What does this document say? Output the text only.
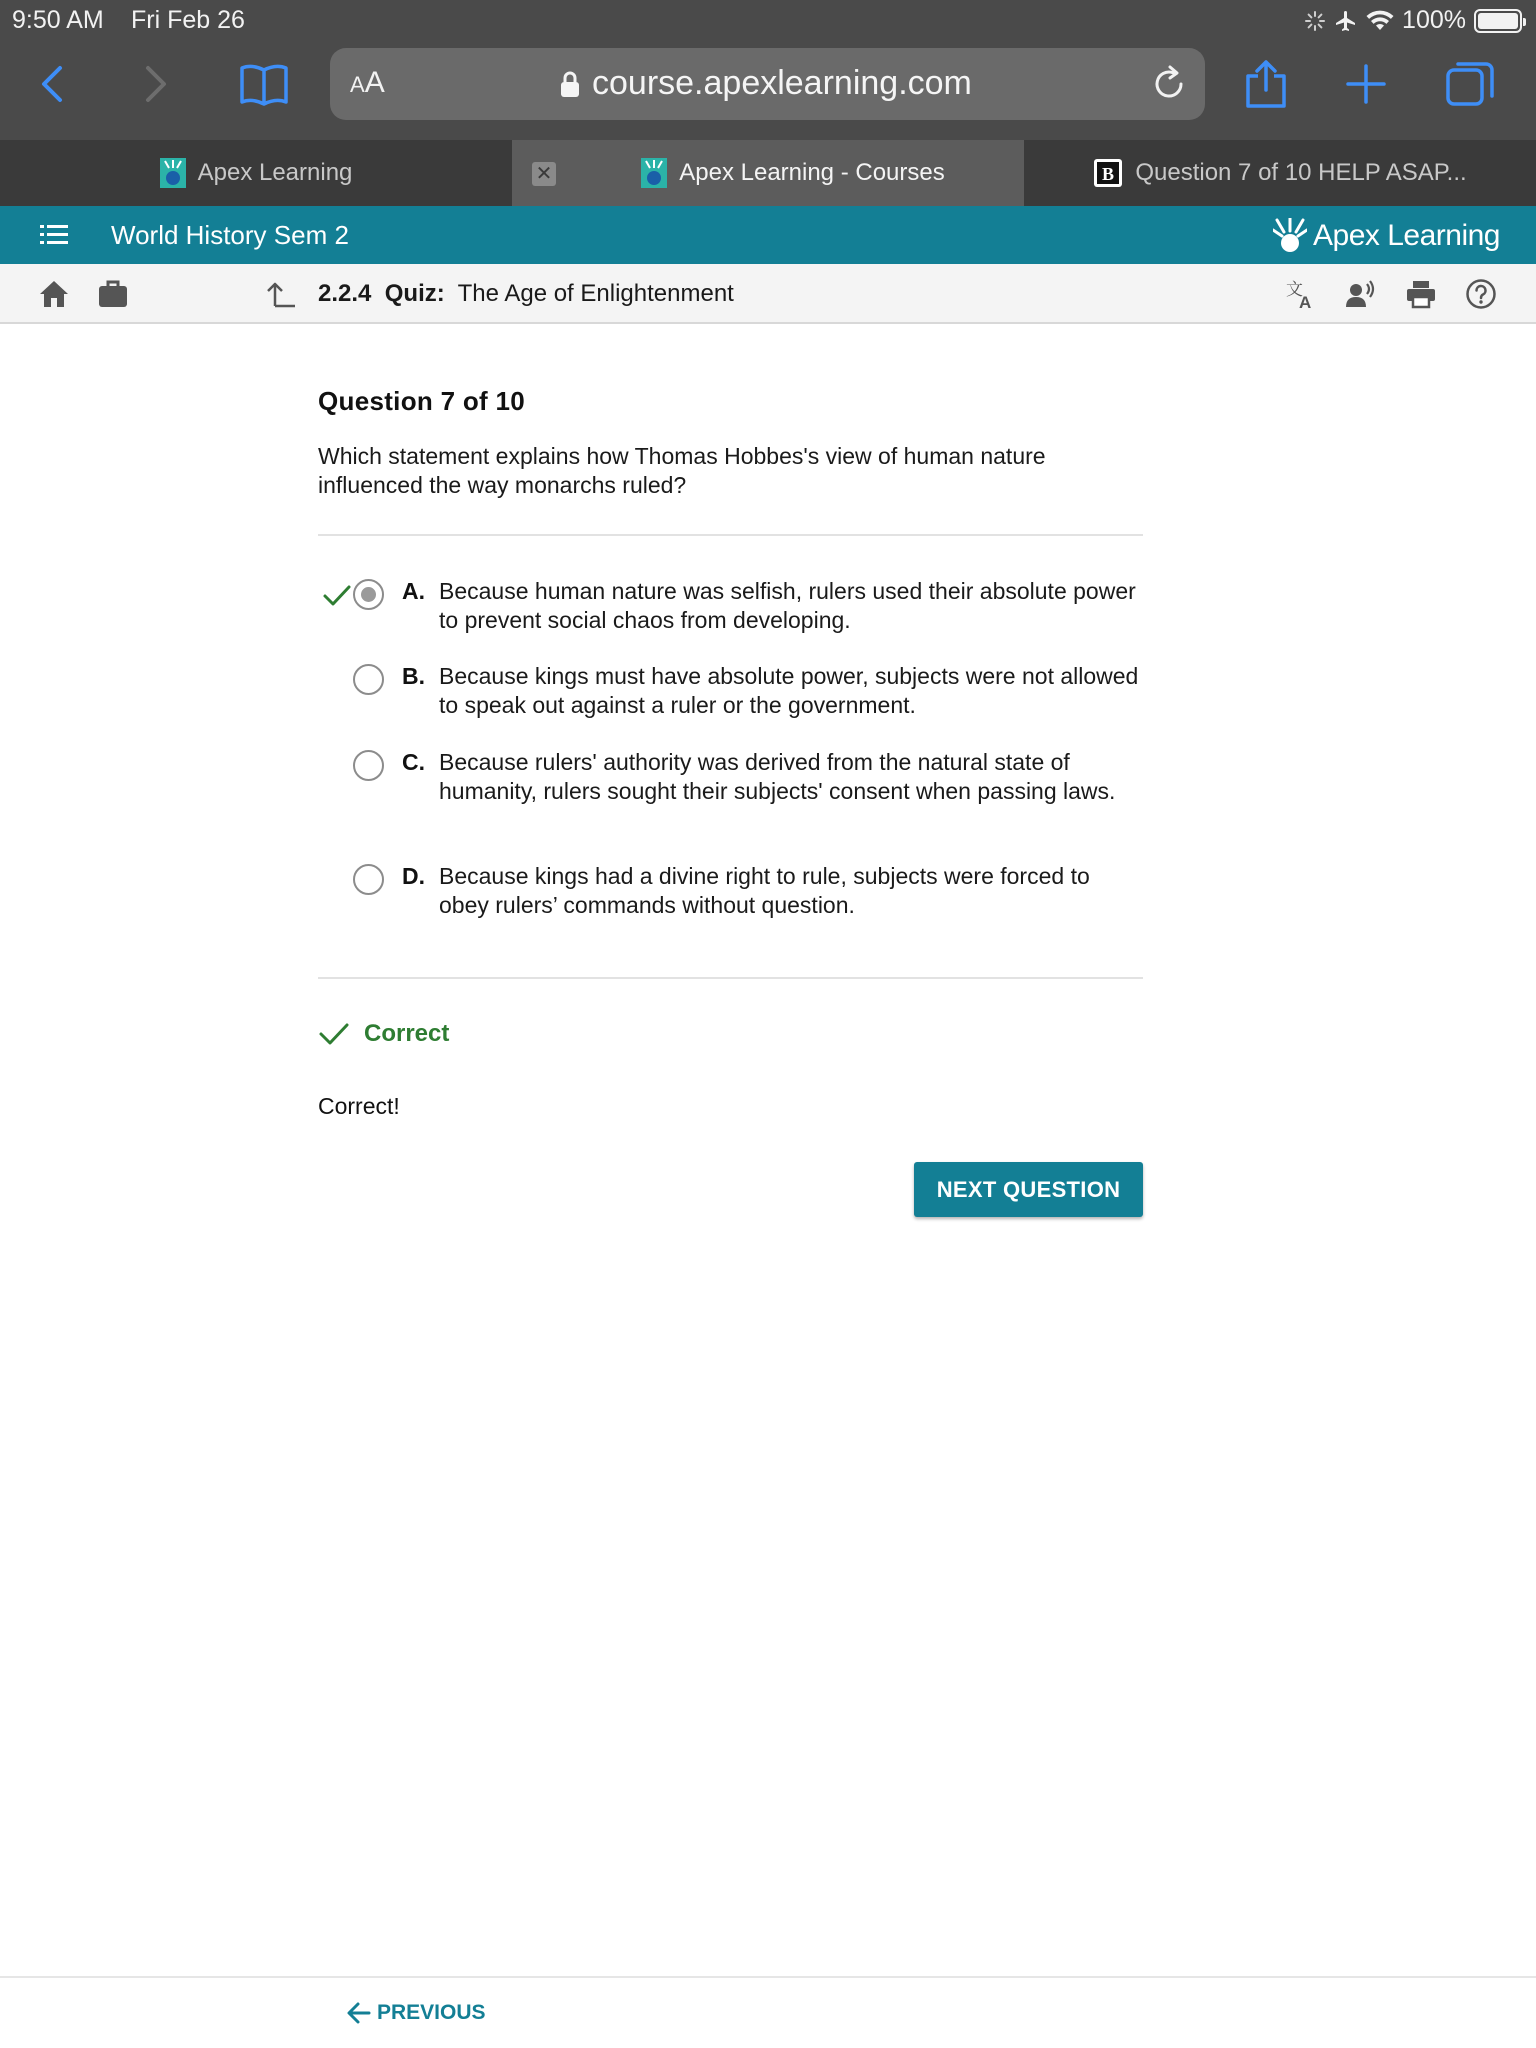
9:50 AM Fri Feb 26	100%
AA	course.apexlearning.com
Apex Learning	Apex Learning - Courses
✕	B Question 7 of 10 HELP ASAP...
World History Sem 2	Apex Learning
2.2.4 Quiz: The Age of Enlightenment	文
A
Question 7 of 10
Which statement explains how Thomas Hobbes's view of human nature influenced the way monarchs ruled?
A. Because human nature was selfish, rulers used their absolute power to prevent social chaos from developing.
B. Because kings must have absolute power, subjects were not allowed to speak out against a ruler or the government.
C. Because rulers' authority was derived from the natural state of humanity, rulers sought their subjects' consent when passing laws.
D. Because kings had a divine right to rule, subjects were forced to obey rulers’ commands without question.
Correct
Correct!
NEXT QUESTION
PREVIOUS
